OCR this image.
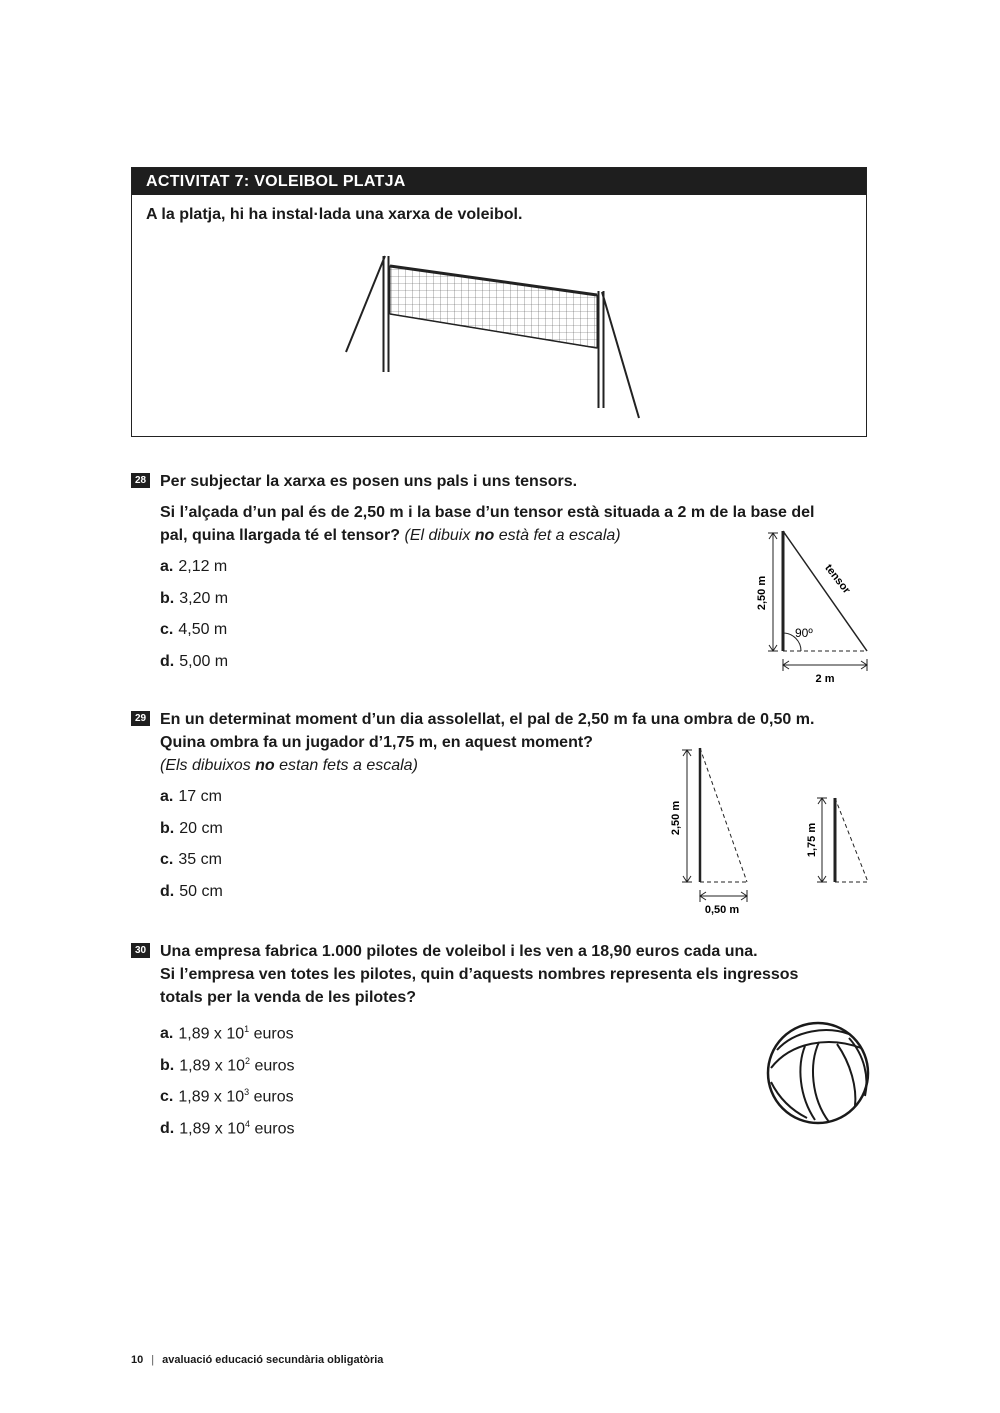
ACTIVITAT 7: VOLEIBOL PLATJA
A la platja, hi ha instal·lada una xarxa de voleibol.
28 Per subjectar la xarxa es posen uns pals i uns tensors.
Si l’alçada d’un pal és de 2,50 m i la base d’un tensor està situada a 2 m de la base del
pal, quina llargada té el tensor? (El dibuix no està fet a escala)
a. 2,12 m
b. 3,20 m
c. 4,50 m
d. 5,00 m
2,50 m
90º
tensor
2 m
29 En un determinat moment d’un dia assolellat, el pal de 2,50 m fa una ombra de 0,50 m.
Quina ombra fa un jugador d’1,75 m, en aquest moment?
(Els dibuixos no estan fets a escala)
a. 17 cm
b. 20 cm
c. 35 cm
d. 50 cm
2,50 m
0,50 m
1,75 m
30 Una empresa fabrica 1.000 pilotes de voleibol i les ven a 18,90 euros cada una.
Si l’empresa ven totes les pilotes, quin d’aquests nombres representa els ingressos
totals per la venda de les pilotes?
a. 1,89 x $10^1$ euros
b. 1,89 x $10^2$ euros
c. 1,89 x $10^3$ euros
d. 1,89 x $10^4$ euros
10 | avaluació educació secundària obligatòria
